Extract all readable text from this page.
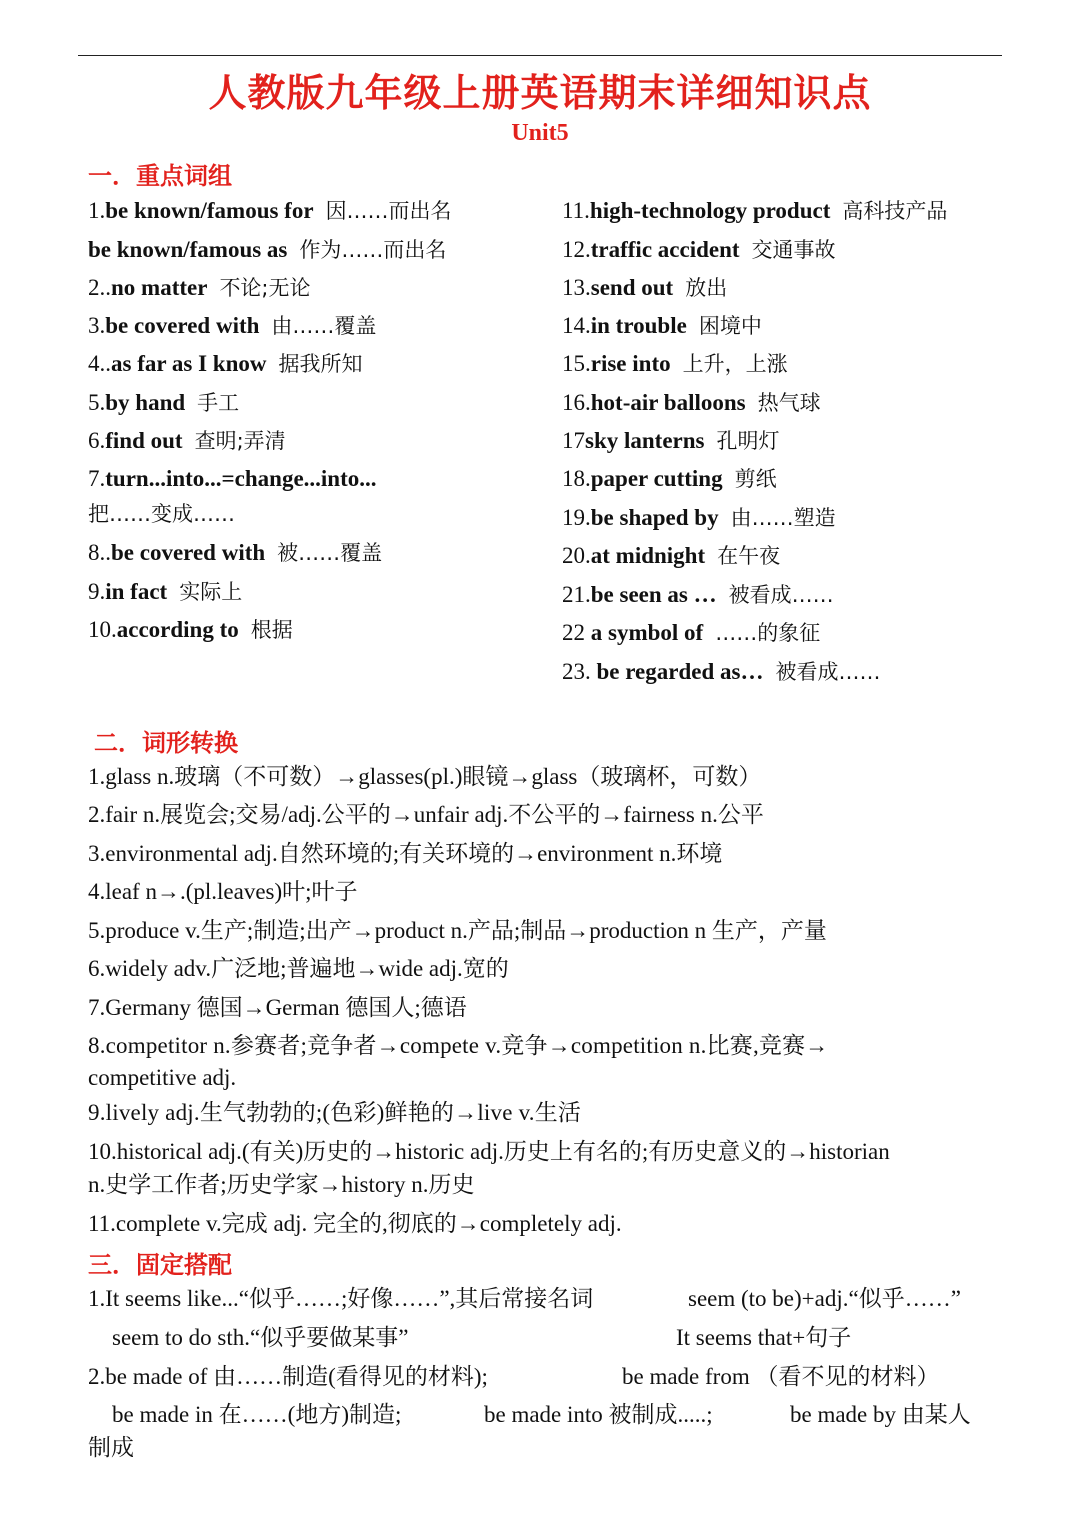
人教版九年级上册英语期末详细知识点
Unit5
一．重点词组
1.be known/famous for 因……而出名
be known/famous as 作为……而出名
2..no matter 不论;无论
3.be covered with 由……覆盖
4..as far as I know 据我所知
5.by hand 手工
6.find out 查明;弄清
7.turn...into...=change...into...
把……变成……
8..be covered with 被……覆盖
9.in fact 实际上
10.according to 根据
11.high-technology product 高科技产品
12.traffic accident 交通事故
13.send out 放出
14.in trouble 困境中
15.rise into 上升，上涨
16.hot-air balloons 热气球
17sky lanterns 孔明灯
18.paper cutting 剪纸
19.be shaped by 由……塑造
20.at midnight 在午夜
21.be seen as … 被看成……
22 a symbol of ……的象征
23. be regarded as… 被看成……
二．词形转换
1.glass n.玻璃（不可数）→glasses(pl.)眼镜→glass（玻璃杯，可数）
2.fair n.展览会;交易/adj.公平的→unfair adj.不公平的→fairness n.公平
3.environmental adj.自然环境的;有关环境的→environment n.环境
4.leaf n→.(pl.leaves)叶;叶子
5.produce v.生产;制造;出产→product n.产品;制品→production n 生产，产量
6.widely adv.广泛地;普遍地→wide adj.宽的
7.Germany 德国→German 德国人;德语
8.competitor n.参赛者;竞争者→compete v.竞争→competition n.比赛,竞赛→
competitive adj.
9.lively adj.生气勃勃的;(色彩)鲜艳的→live v.生活
10.historical adj.(有关)历史的→historic adj.历史上有名的;有历史意义的→historian
n.史学工作者;历史学家→history n.历史
11.complete v.完成 adj. 完全的,彻底的→completely adj.
三．固定搭配
1.It seems like...“似乎……;好像……”,其后常接名词	seem (to be)+adj.“似乎……”
seem to do sth.“似乎要做某事”	It seems that+句子
2.be made of 由……制造(看得见的材料);	be made from （看不见的材料）
be made in 在……(地方)制造;	be made into 被制成.....;	be made by 由某人
制成
